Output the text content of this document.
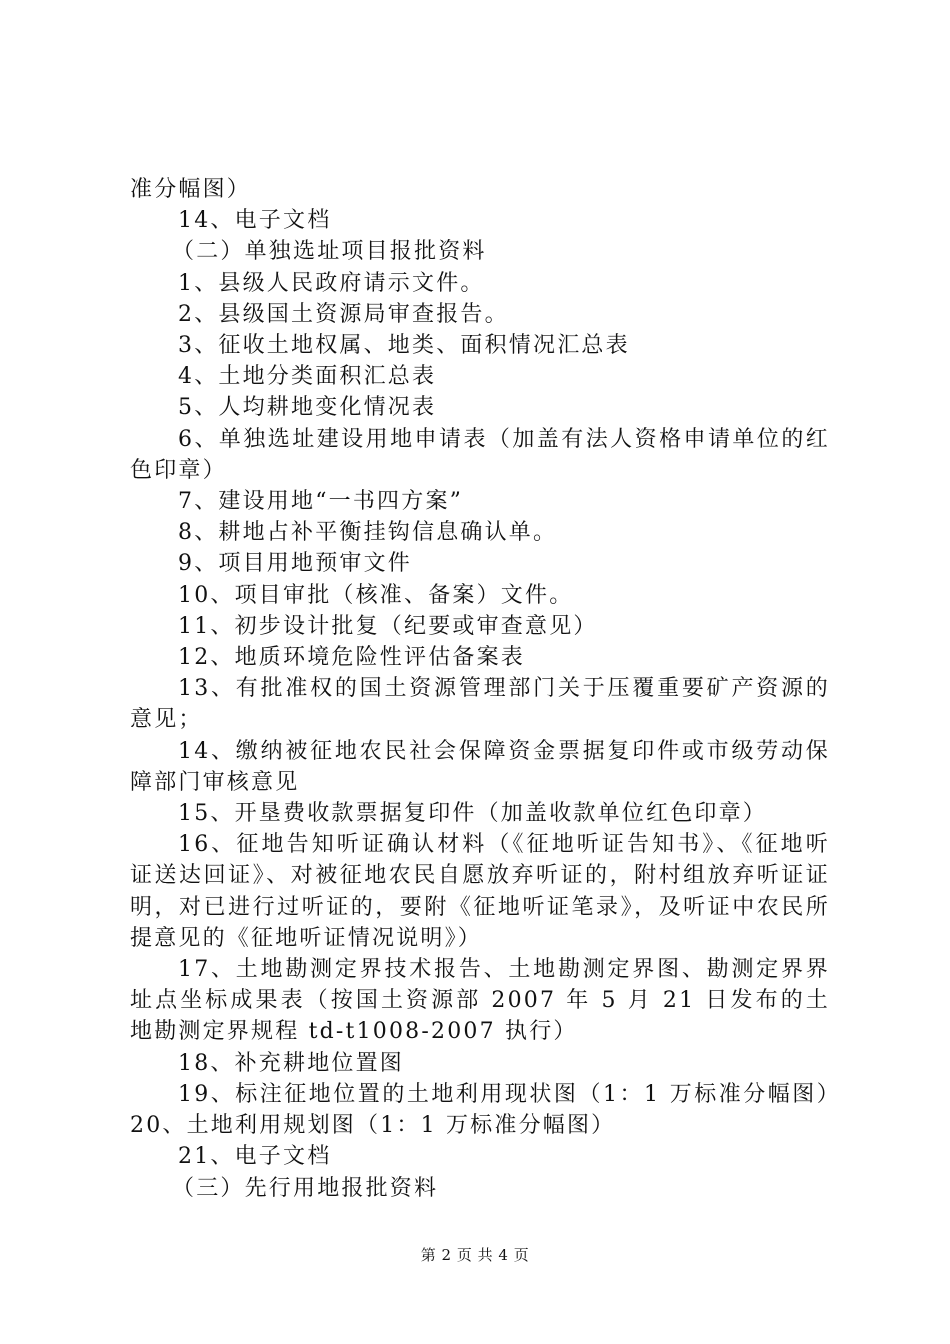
准分幅图）

14、电子文档

（二）单独选址项目报批资料

1、县级人民政府请示文件。

2、县级国土资源局审查报告。

3、征收土地权属、地类、面积情况汇总表

4、土地分类面积汇总表

5、人均耕地变化情况表

6、单独选址建设用地申请表（加盖有法人资格申请单位的红色印章）

7、建设用地“一书四方案”

8、耕地占补平衡挂钩信息确认单。

9、项目用地预审文件

10、项目审批（核准、备案）文件。

11、初步设计批复（纪要或审查意见）

12、地质环境危险性评估备案表

13、有批准权的国土资源管理部门关于压覆重要矿产资源的意见；

14、缴纳被征地农民社会保障资金票据复印件或市级劳动保障部门审核意见

15、开垦费收款票据复印件（加盖收款单位红色印章）

16、征地告知听证确认材料（《征地听证告知书》、《征地听证送达回证》、对被征地农民自愿放弃听证的，附村组放弃听证证明，对已进行过听证的，要附《征地听证笔录》，及听证中农民所提意见的《征地听证情况说明》）

17、土地勘测定界技术报告、土地勘测定界图、勘测定界界址点坐标成果表（按国土资源部 2007 年 5 月 21 日发布的土地勘测定界规程 td-t1008-2007 执行）

18、补充耕地位置图

19、标注征地位置的土地利用现状图（1：1 万标准分幅图）20、土地利用规划图（1：1 万标准分幅图）

21、电子文档

（三）先行用地报批资料

第 2 页 共 4 页
